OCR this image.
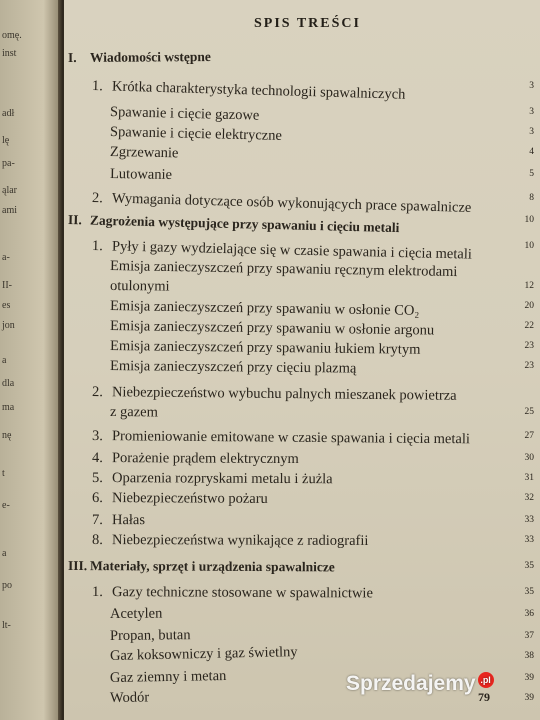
omę.
inst
adł
lę
pa-
ąlar
ami
a-
II-
es
jon
a
dla
ma
nę
t
e-
a
po
lt-
SPIS TREŚCI
I. Wiadomości wstępne
1. Krótka charakterystyka technologii spawalniczych	3
Spawanie i cięcie gazowe	3
Spawanie i cięcie elektryczne	3
Zgrzewanie	4
Lutowanie	5
2. Wymagania dotyczące osób wykonujących prace spawalnicze	8
II. Zagrożenia występujące przy spawaniu i cięciu metali	10
1. Pyły i gazy wydzielające się w czasie spawania i cięcia metali	10
Emisja zanieczyszczeń przy spawaniu ręcznym elektrodami
otulonymi	12
Emisja zanieczyszczeń przy spawaniu w osłonie CO₂	20
Emisja zanieczyszczeń przy spawaniu w osłonie argonu	22
Emisja zanieczyszczeń przy spawaniu łukiem krytym	23
Emisja zanieczyszczeń przy cięciu plazmą	23
2. Niebezpieczeństwo wybuchu palnych mieszanek powietrza
z gazem	25
3. Promieniowanie emitowane w czasie spawania i cięcia metali	27
4. Porażenie prądem elektrycznym	30
5. Oparzenia rozpryskami metalu i żużla	31
6. Niebezpieczeństwo pożaru	32
7. Hałas	33
8. Niebezpieczeństwa wynikające z radiografii	33
III. Materiały, sprzęt i urządzenia spawalnicze	35
1. Gazy techniczne stosowane w spawalnictwie	35
Acetylen	36
Propan, butan	37
Gaz koksowniczy i gaz świetlny	38
Gaz ziemny i metan	39
Wodór	39
79
Sprzedajemy .pl
